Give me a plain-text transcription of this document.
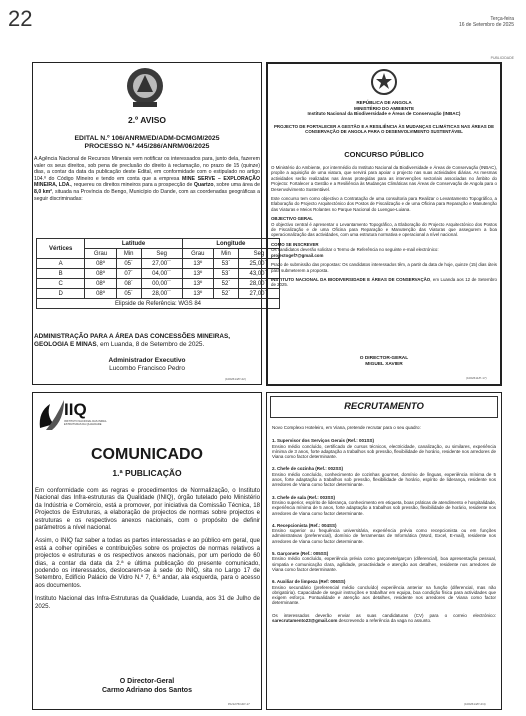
22	Terça-feira
16 de Setembro de 2025
PUBLICIDADE
2.º AVISO
EDITAL N.º 106/ANRM/ED/ADM-DCMGM/2025
PROCESSO N.º 445/286/ANRM/06/2025
A Agência Nacional de Recursos Minerais vem notificar os interessados para, junto dela, fazerem valer os seus direitos, sob pena de preclusão do direito à reclamação, no prazo de 15 (quinze) dias, a contar da data da publicação deste Edital, em conformidade com o estipulado no artigo 104.º do Código Mineiro e tendo em conta que a empresa MINE SERVE – EXPLORAÇÃO MINEIRA, LDA., requereu os direitos mineiros para a prospecção de Quartzo, sobre uma área de 8,0 km², situada na Província do Bengo, Município do Dande, com as coordenadas geográficas a seguir discriminadas:
Vértices	Latitude			Longitude		
	Grau	Min	Seg	Grau	Min	Seg
A	08º	05´	27,00´´	13º	53´	25,00´´
B	08º	07´	04,00´´	13º	53´	43,00´´
C	08º	08´	00,00´´	13º	52´	28,00´´
D	08º	05´	28,00´´	13º	52´	27,00´´
Elipside de Referência: WGS 84						
ADMINISTRAÇÃO PARA A ÁREA DAS CONCESSÕES MINEIRAS, GEOLOGIA E MINAS, em Luanda, 8 de Setembro de 2025.
Administrador Executivo
Lucombo Francisco Pedro
(1002614/P-22)
REPÚBLICA DE ANGOLA
MINISTÉRIO DO AMBIENTE
Instituto Nacional da Biodiversidade e Áreas de Conservação (INBAC)
PROJECTO DE FORTALECER A GESTÃO E A RESILIÊNCIA ÀS MUDANÇAS CLIMÁTICAS NAS ÁREAS DE CONSERVAÇÃO DE ANGOLA PARA O DESENVOLVIMENTO SUSTENTÁVEL
CONCURSO PÚBLICO

O Ministério do Ambiente, por intermédio do Instituto Nacional da Biodiversidade e Áreas de Conservação (INBAC), propõe a aquisição de uma viatura, que servirá para apoiar o projecto nas suas actividades diárias. As mesmas actividades serão realizadas nas áreas protegidas para as intervenções sectoriais associadas no âmbito do Projecto: Fortalecer a Gestão e a Resiliência às Mudanças Climáticas nas Áreas de Conservação de Angola para o Desenvolvimento Sustentável.

Este concurso tem como objectivo a Contratação de uma consultoria para Realizar o Levantamento Topográfico, a Elaboração do Projecto Arquitectónico dos Postos de Fiscalização e de uma Oficina para Reparação e Manutenção das Viaturas e Meios Rolantes no Parque Nacional do Luengue-Luiana.

OBJECTIVO GERAL

O objectivo central é apresentar o Levantamento Topográfico, a Elaboração do Projecto Arquitectónico dos Postos de Fiscalização e de uma Oficina para Reparação e Manutenção das Viaturas que assegurem a boa operacionalização das actividades, com uma estrutura normativa e operacional a nível nacional.

COMO SE INSCREVER

Os candidatos deverão solicitar o Termo de Referência no seguinte e-mail electrónico:

projectogef7@gmail.com

Prazo de submissão das propostas: Os candidatos interessados têm, a partir da data de hoje, quinze (15) dias úteis para submeterem a proposta.

INSTITUTO NACIONAL DA BIODIVERSIDADE E ÁREAS DE CONSERVAÇÃO, em Luanda aos 12 de Setembro de 2025.

O DIRECTOR-GERAL
MIGUEL XAVIER
(1002611/P-17)
IIQ
INSTITUTO NACIONAL DAS INFRA-ESTRUTURAS DA QUALIDADE
COMUNICADO
1.ª PUBLICAÇÃO

Em conformidade com as regras e procedimentos de Normalização, o Instituto Nacional das Infra-estruturas da Qualidade (INIQ), órgão tutelado pelo Ministério da Indústria e Comércio, está a promover, por iniciativa da Comissão Técnica, 18 Projectos de Estruturas, a elaboração de projectos de normas sobre projectos e estruturas e os respectivos anexos nacionais, com o propósito de definir parâmetros a nível nacional.

Assim, o INIQ faz saber a todas as partes interessadas e ao público em geral, que está a colher opiniões e contribuições sobre os projectos de normas relativos a projectos e estruturas e os respectivos anexos nacionais, por um período de 60 dias, a contar da data da 2.ª e última publicação do presente comunicado, podendo os interessados, deslocarem-se à sede do INIQ, sita no Largo 17 de Setembro, Edifício Palácio de Vidro N.º 7, 6.º andar, ala esquerda, para o acesso aos documentos.

Instituto Nacional das Infra-Estruturas da Qualidade, Luanda, aos 31 de Julho de 2025.

O Director-Geral
Carmo Adriano dos Santos
PA/1276/14P-17
RECRUTAMENTO

Novo Complexo Hoteleiro, em Viana, pretende recrutar para o seu quadro:

1. Supervisor dos Serviços Gerais (Ref.: 001SS)

Ensino médio concluído, certificado de cursos técnicos, electricidade, canalização, ou similares, experiência mínima de 3 anos, forte adaptação a trabalhos sob pressão, flexibilidade de horário, residente nos arredores de Viana como factor determinante.

2. Chefe de cozinha (Ref.: 002SS)

Ensino médio concluído, conhecimento de cozinhas gourmet, domínio de línguas, experiência mínima de 5 anos, forte adaptação a trabalhos sob pressão, flexibilidade de horário, espírito de liderança, residente nos arredores de Viana como factor determinante.

3. Chefe de sala (Ref.: 003SS)

Ensino superior, espírito de liderança, conhecimento em etiqueta, boas práticas de atendimento e hospitalidade, experiência mínima de 5 anos, forte adaptação a trabalhos sob pressão, flexibilidade de horário, residente nos arredores de Viana como factor determinante.

4. Recepcionista (Ref.: 004SS)

Ensino superior ou frequência universitária, experiência prévia como recepcionista ou em funções administrativas (preferencial), domínio de ferramentas de Informática (Word, Excel, E-mail), residente nos arredores de Viana como factor determinante.

5. Garçonete (Ref.: 005SS)

Ensino médio concluído, experiência prévia como garçonete/garçon (diferencial), boa apresentação pessoal, simpatia e comunicação clara, agilidade, proactividade e atenção aos detalhes, residente nos arredores de Viana como factor determinante.

6. Auxiliar de limpeza (Ref: 006SS)

Ensino secundário (preferencial médio concluído) experiência anterior na função (diferencial, mas não obrigatória). Capacidade de seguir instruções e trabalhar em equipa, boa condição física para actividades que exigem esforço. Pontualidade e atenção aos detalhes, residente nos arredores de Viana como factor determinante.

Os interessados deverão enviar as suas candidaturas (CV) para o correio electrónico: sarecrutamento23@gmail.com descrevendo a referência da vaga no assunto.

(1002614/P-2/4)
